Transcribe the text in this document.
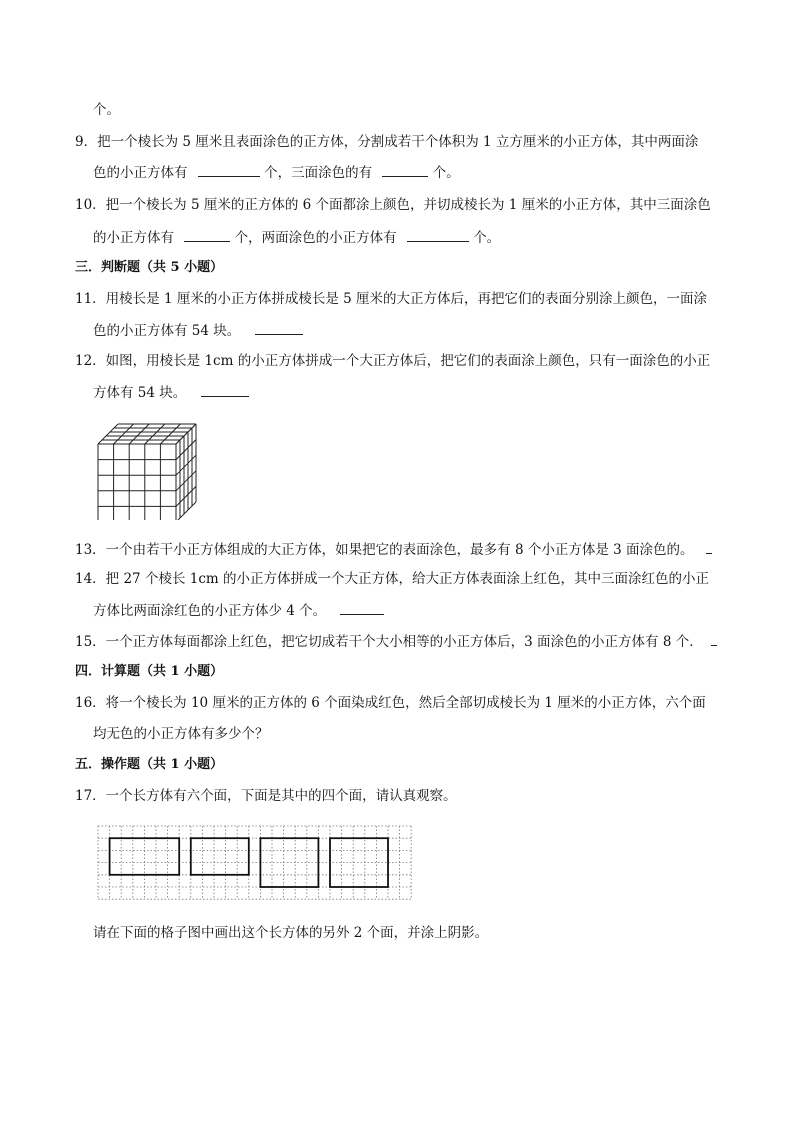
个。
9．把一个棱长为 5 厘米且表面涂色的正方体，分割成若干个体积为 1 立方厘米的小正方体，其中两面涂
色的小正方体有	个，三面涂色的有	个。
10．把一个棱长为 5 厘米的正方体的 6 个面都涂上颜色，并切成棱长为 1 厘米的小正方体，其中三面涂色
的小正方体有	个，两面涂色的小正方体有	个。
三．判断题（共 5 小题）
11．用棱长是 1 厘米的小正方体拼成棱长是 5 厘米的大正方体后，再把它们的表面分别涂上颜色，一面涂
色的小正方体有 54 块。
12．如图，用棱长是 1cm 的小正方体拼成一个大正方体后，把它们的表面涂上颜色，只有一面涂色的小正
方体有 54 块。
13．一个由若干小正方体组成的大正方体，如果把它的表面涂色，最多有 8 个小正方体是 3 面涂色的。
14．把 27 个棱长 1cm 的小正方体拼成一个大正方体，给大正方体表面涂上红色，其中三面涂红色的小正
方体比两面涂红色的小正方体少 4 个。
15．一个正方体每面都涂上红色，把它切成若干个大小相等的小正方体后，3 面涂色的小正方体有 8 个．
四．计算题（共 1 小题）
16．将一个棱长为 10 厘米的正方体的 6 个面染成红色，然后全部切成棱长为 1 厘米的小正方体，六个面
均无色的小正方体有多少个？
五．操作题（共 1 小题）
17．一个长方体有六个面，下面是其中的四个面，请认真观察。
请在下面的格子图中画出这个长方体的另外 2 个面，并涂上阴影。
